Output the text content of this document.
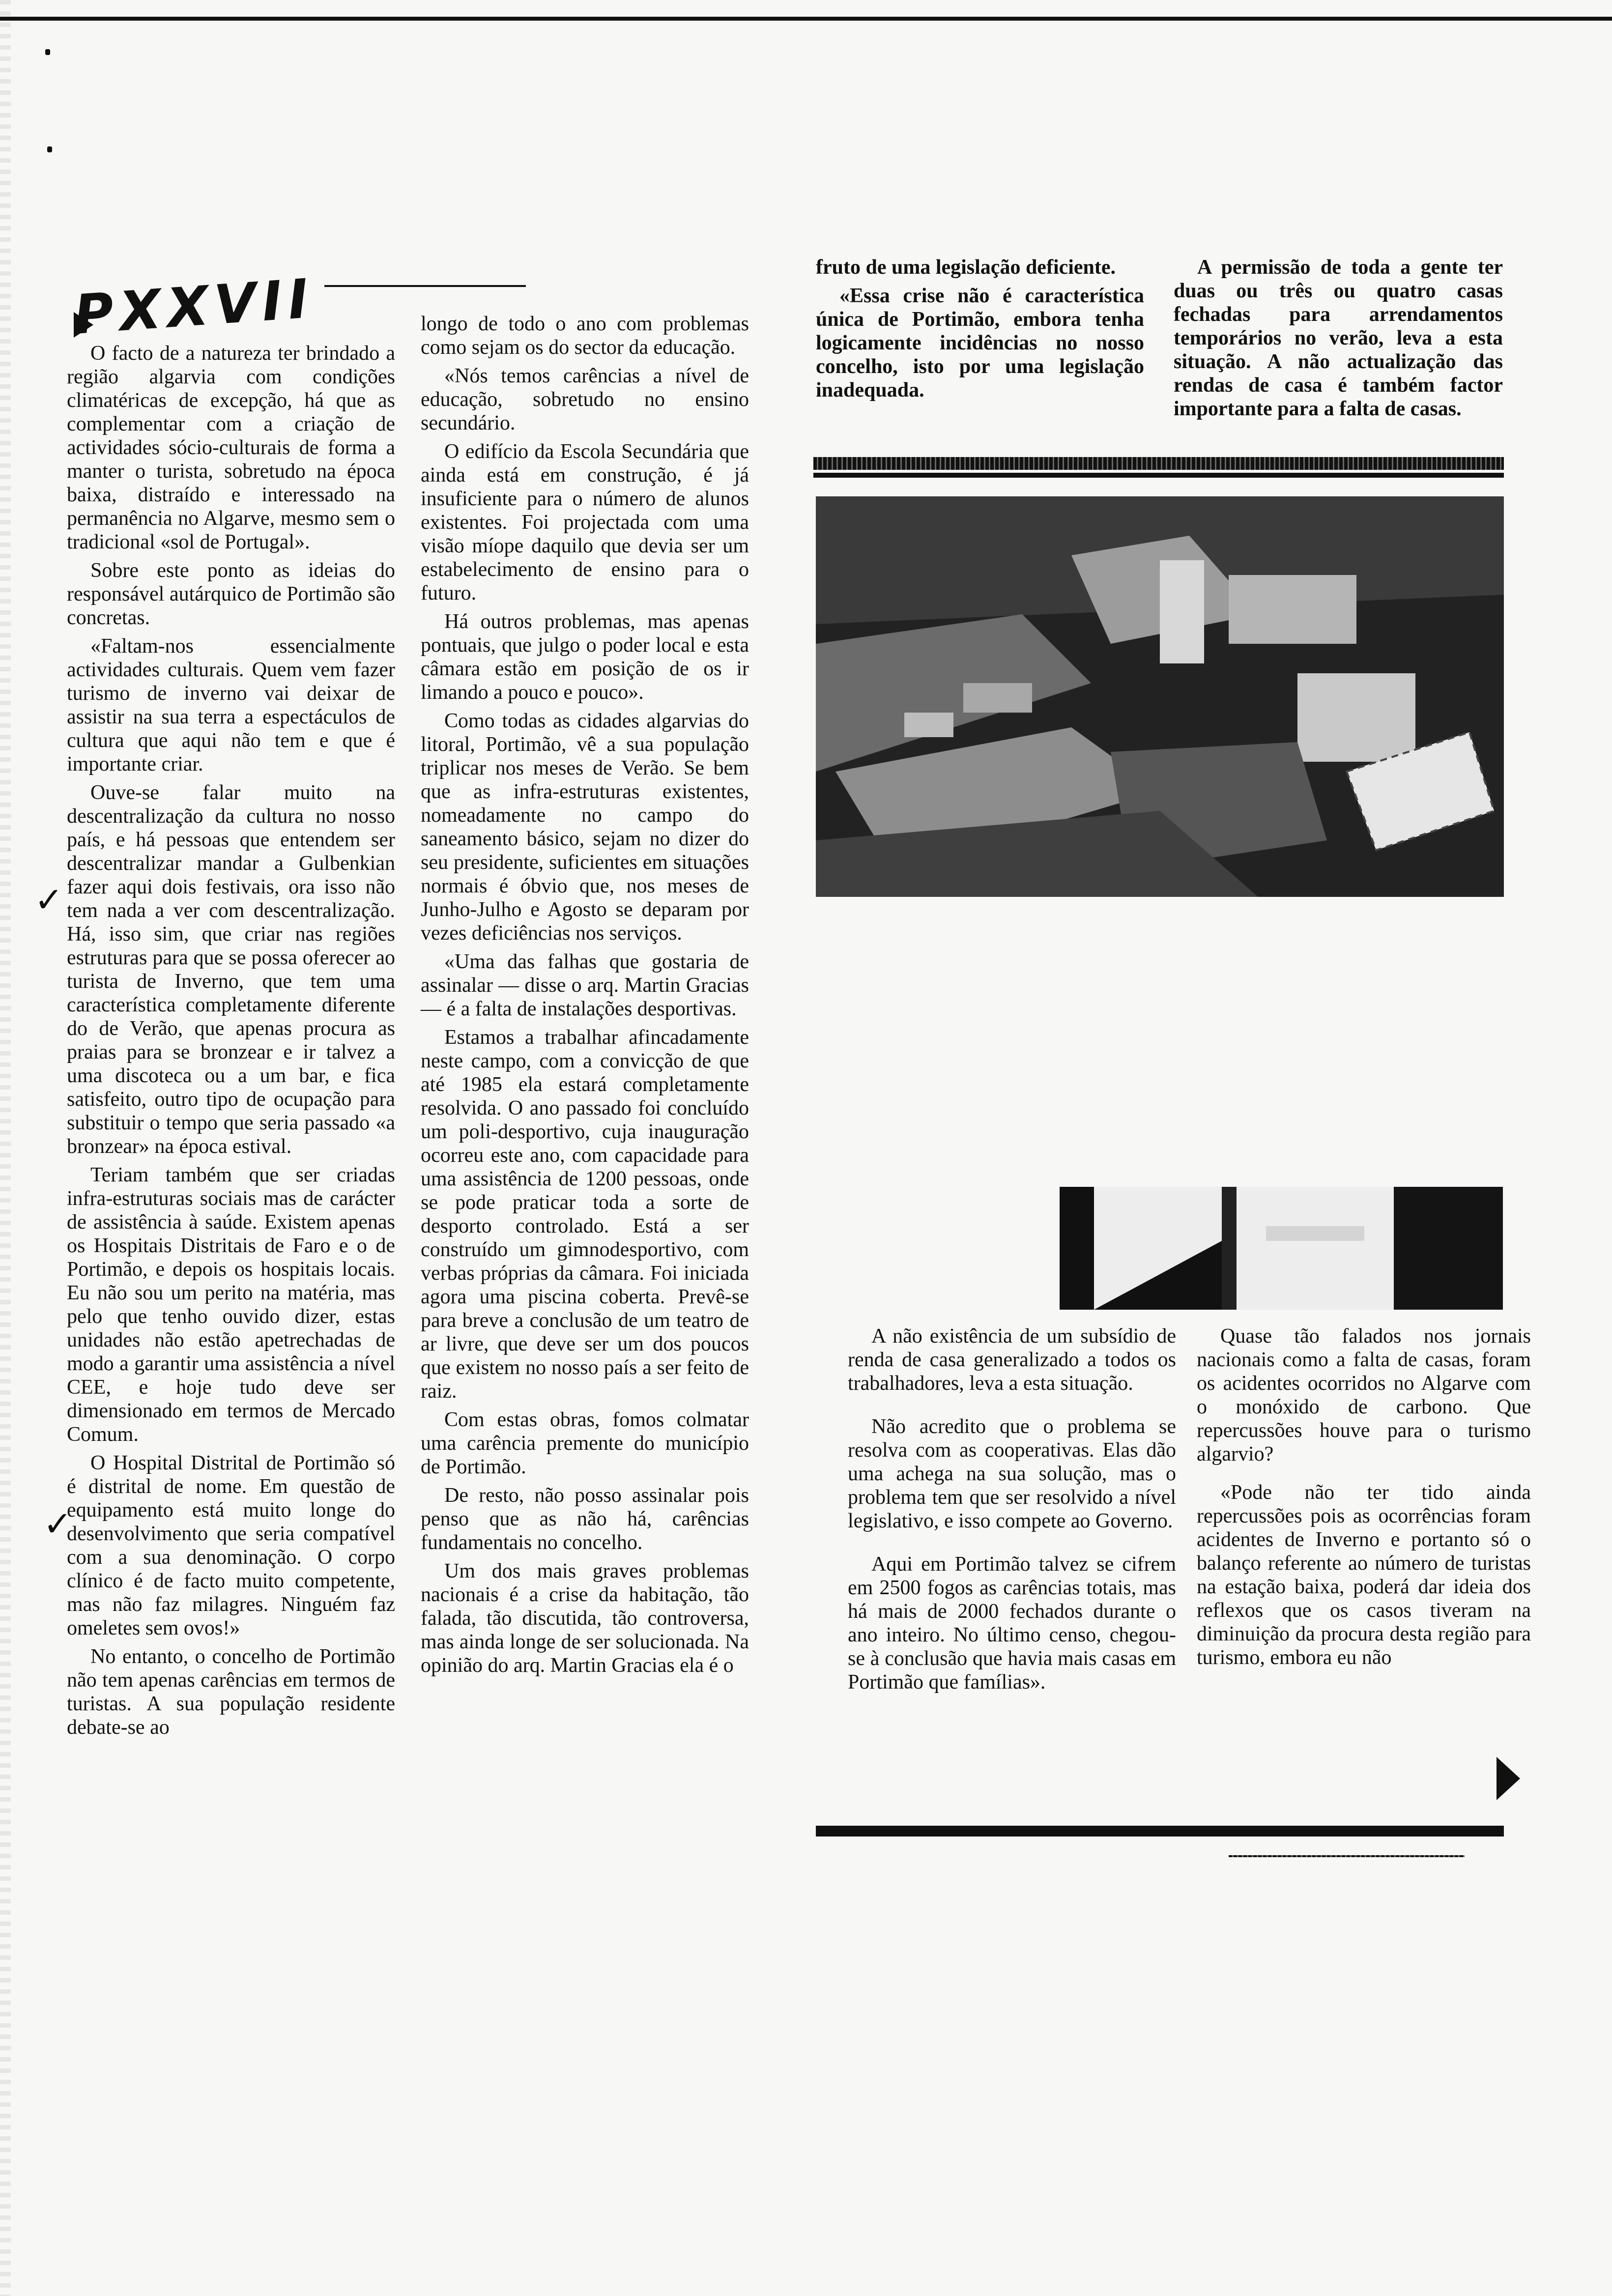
PXXVII
✓
✓

O facto de a natureza ter brindado a região algarvia com condições climatéricas de excepção, há que as complementar com a criação de actividades sócio-culturais de forma a manter o turista, sobretudo na época baixa, distraído e interessado na permanência no Algarve, mesmo sem o tradicional «sol de Portugal».

Sobre este ponto as ideias do responsável autárquico de Portimão são concretas.

«Faltam-nos essencialmente actividades culturais. Quem vem fazer turismo de inverno vai deixar de assistir na sua terra a espectáculos de cultura que aqui não tem e que é importante criar.

Ouve-se falar muito na descentralização da cultura no nosso país, e há pessoas que entendem ser descentralizar mandar a Gulbenkian fazer aqui dois festivais, ora isso não tem nada a ver com descentralização. Há, isso sim, que criar nas regiões estruturas para que se possa oferecer ao turista de Inverno, que tem uma característica completamente diferente do de Verão, que apenas procura as praias para se bronzear e ir talvez a uma discoteca ou a um bar, e fica satisfeito, outro tipo de ocupação para substituir o tempo que seria passado «a bronzear» na época estival.

Teriam também que ser criadas infra-estruturas sociais mas de carácter de assistência à saúde. Existem apenas os Hospitais Distritais de Faro e o de Portimão, e depois os hospitais locais. Eu não sou um perito na matéria, mas pelo que tenho ouvido dizer, estas unidades não estão apetrechadas de modo a garantir uma assistência a nível CEE, e hoje tudo deve ser dimensionado em termos de Mercado Comum.

O Hospital Distrital de Portimão só é distrital de nome. Em questão de equipamento está muito longe do desenvolvimento que seria compatível com a sua denominação. O corpo clínico é de facto muito competente, mas não faz milagres. Ninguém faz omeletes sem ovos!»

No entanto, o concelho de Portimão não tem apenas carências em termos de turistas. A sua população residente debate-se ao

longo de todo o ano com problemas como sejam os do sector da educação.

«Nós temos carências a nível de educação, sobretudo no ensino secundário.

O edifício da Escola Secundária que ainda está em construção, é já insuficiente para o número de alunos existentes. Foi projectada com uma visão míope daquilo que devia ser um estabelecimento de ensino para o futuro.

Há outros problemas, mas apenas pontuais, que julgo o poder local e esta câmara estão em posição de os ir limando a pouco e pouco».

Como todas as cidades algarvias do litoral, Portimão, vê a sua população triplicar nos meses de Verão. Se bem que as infra-estruturas existentes, nomeadamente no campo do saneamento básico, sejam no dizer do seu presidente, suficientes em situações normais é óbvio que, nos meses de Junho-Julho e Agosto se deparam por vezes deficiências nos serviços.

«Uma das falhas que gostaria de assinalar — disse o arq. Martin Gracias — é a falta de instalações desportivas.

Estamos a trabalhar afincadamente neste campo, com a convicção de que até 1985 ela estará completamente resolvida. O ano passado foi concluído um poli-desportivo, cuja inauguração ocorreu este ano, com capacidade para uma assistência de 1200 pessoas, onde se pode praticar toda a sorte de desporto controlado. Está a ser construído um gimnodesportivo, com verbas próprias da câmara. Foi iniciada agora uma piscina coberta. Prevê-se para breve a conclusão de um teatro de ar livre, que deve ser um dos poucos que existem no nosso país a ser feito de raiz.

Com estas obras, fomos colmatar uma carência premente do município de Portimão.

De resto, não posso assinalar pois penso que as não há, carências fundamentais no concelho.

Um dos mais graves problemas nacionais é a crise da habitação, tão falada, tão discutida, tão controversa, mas ainda longe de ser solucionada. Na opinião do arq. Martin Gracias ela é o

fruto de uma legislação deficiente.

«Essa crise não é característica única de Portimão, embora tenha logicamente incidências no nosso concelho, isto por uma legislação inadequada.

A permissão de toda a gente ter duas ou três ou quatro casas fechadas para arrendamentos temporários no verão, leva a esta situação. A não actualização das rendas de casa é também factor importante para a falta de casas.

A não existência de um subsídio de renda de casa generalizado a todos os trabalhadores, leva a esta situação.

Não acredito que o problema se resolva com as cooperativas. Elas dão uma achega na sua solução, mas o problema tem que ser resolvido a nível legislativo, e isso compete ao Governo.

Aqui em Portimão talvez se cifrem em 2500 fogos as carências totais, mas há mais de 2000 fechados durante o ano inteiro. No último censo, chegou-se à conclusão que havia mais casas em Portimão que famílias».

Quase tão falados nos jornais nacionais como a falta de casas, foram os acidentes ocorridos no Algarve com o monóxido de carbono. Que repercussões houve para o turismo algarvio?

«Pode não ter tido ainda repercussões pois as ocorrências foram acidentes de Inverno e portanto só o balanço referente ao número de turistas na estação baixa, poderá dar ideia dos reflexos que os casos tiveram na diminuição da procura desta região para turismo, embora eu não
